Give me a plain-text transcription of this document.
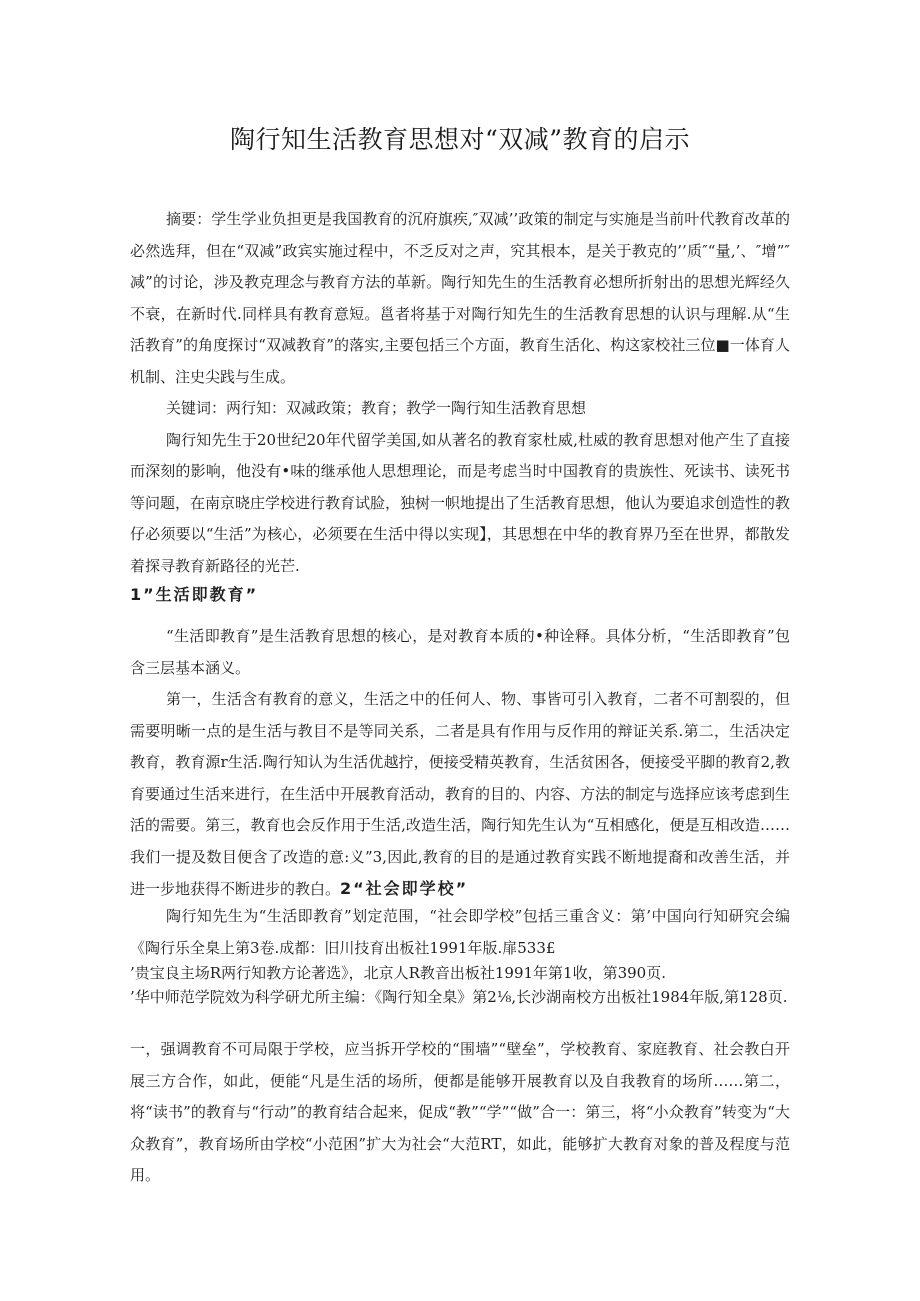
陶行知生活教育思想对“双减”教育的启示

摘要：学生学业负担更是我国教育的沉府旗疾,″双减’’政策的制定与实施是当前叶代教育改革的必然选拜，但在“双减”政宾实施过程中，不乏反对之声，究其根本，是关于教克的’’质″“量,’、″增”″减”的讨论，涉及教克理念与教育方法的革新。陶行知先生的生活教育必想所折射出的思想光辉经久不衰，在新时代.同样具有教育意短。邕者将基于对陶行知先生的生活教育思想的认识与理解.从“生活教育”的角度探讨“双减教育”的落实,主要包括三个方面，教育生活化、构这家校社三位■一体育人机制、注史尖践与生成。

关键词：两行知：双减政策；教育；教学一陶行知生活教育思想

陶行知先生于20世纪20年代留学美国,如从著名的教育家杜威,杜威的教育思想对他产生了直接而深刻的影响，他没有•味的继承他人思想理论，而是考虑当时中国教育的贵族性、死读书、读死书等问题，在南京晓庄学校进行教育试脸，独树一帜地提出了生活教育思想，他认为要追求创造性的教仔必须要以“生活”为核心，必须要在生活中得以实现】，其思想在中华的教育界乃至在世界，都散发着探寻教育新路径的光芒.

1”生活即教育”

“生活即教育”是生活教育思想的核心，是对教育本质的•种诠释。具体分析，“生活即教育”包含三层基本涵义。

第一，生活含有教育的意义，生活之中的任何人、物、事皆可引入教育，二者不可割裂的，但需要明晰一点的是生活与教目不是等同关系，二者是具有作用与反作用的辩证关系.第二，生活决定教育，教育源r生活.陶行知认为生活优越拧，便接受精英教育，生活贫困各，便接受平脚的教育2,教育要通过生活来进行，在生活中开展教育活动，教育的目的、内容、方法的制定与选择应该考虑到生活的需要。第三，教育也会反作用于生活,改造生活，陶行知先生认为“互相感化，便是互相改造……我们一提及数目便含了改造的意:义”3,因此,教育的目的是通过教育实践不断地提裔和改善生活，并进一步地获得不断进步的教白。2“社会即学校”

陶行知先生为“生活即教育”划定范围，“社会即学校”包括三重含义：第’中国向行知研究会编《陶行乐全臬上第3卷.成都：旧川技育出板社1991年版.扉533£

’贵宝良主场R两行知教方论著选》，北京人R教音出板社1991年第1收，第390页.

’华中师范学院效为科学研尤所主编：《陶行知全臬》第2⅛,长沙湖南校方出板社1984年版,第128页.

一，强调教育不可局限于学校，应当拆开学校的“围墙”“壁垒”，学校教育、家庭教育、社会教白开展三方合作，如此，便能“凡是生活的场所，便都是能够开展教育以及自我教育的场所……第二，将“读书”的教育与“行动”的教育结合起来，促成“教”“学”“做”合一：第三，将“小众教育”转变为“大众教育”，教育场所由学校“小范困”扩大为社会“大范RT，如此，能够扩大教育对象的普及程度与范用。
